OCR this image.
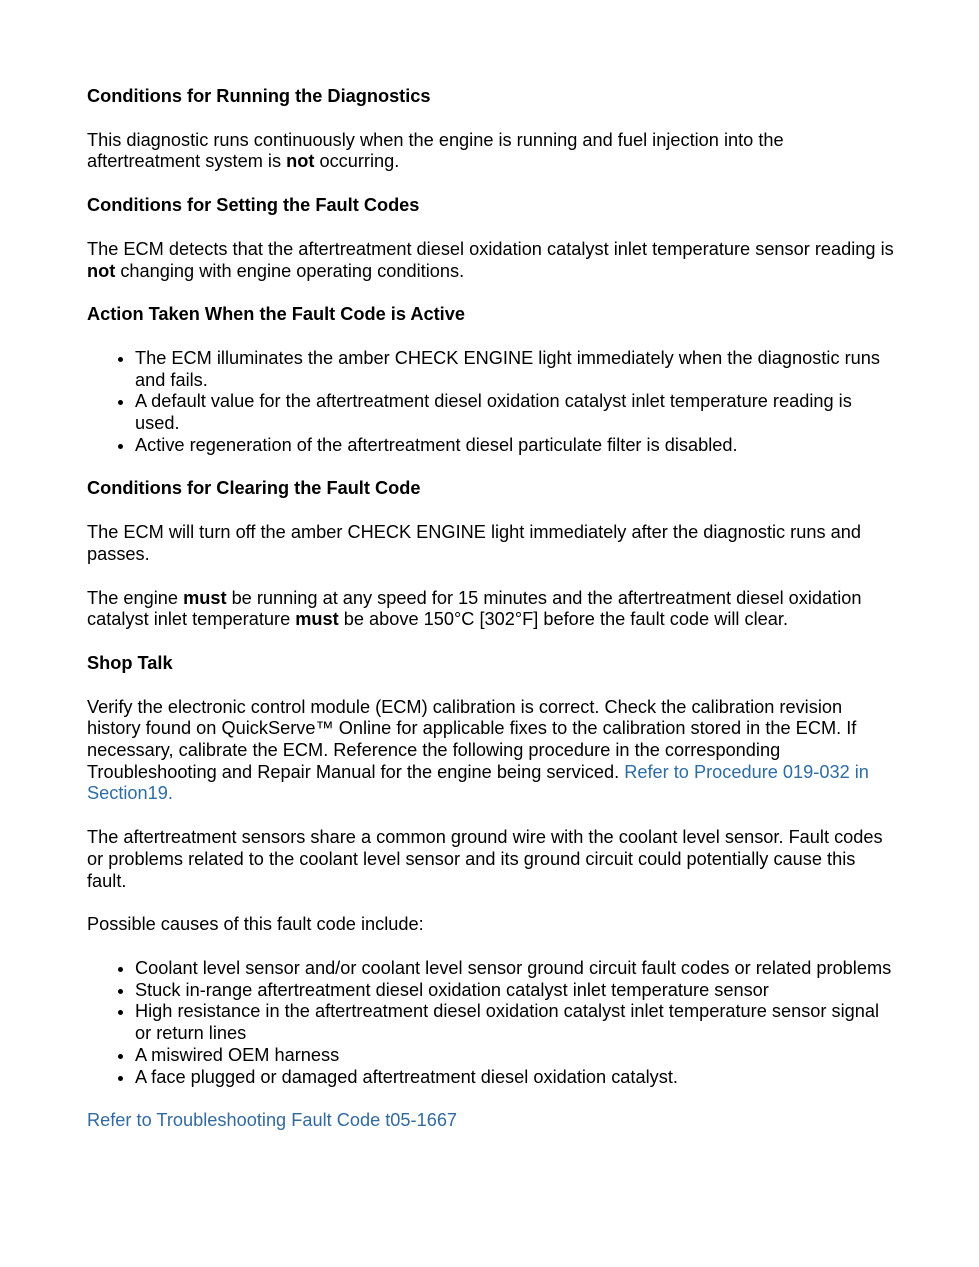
Conditions for Running the Diagnostics

This diagnostic runs continuously when the engine is running and fuel injection into the aftertreatment system is not occurring.

Conditions for Setting the Fault Codes

The ECM detects that the aftertreatment diesel oxidation catalyst inlet temperature sensor reading is not changing with engine operating conditions.

Action Taken When the Fault Code is Active
• The ECM illuminates the amber CHECK ENGINE light immediately when the diagnostic runs and fails.
• A default value for the aftertreatment diesel oxidation catalyst inlet temperature reading is used.
• Active regeneration of the aftertreatment diesel particulate filter is disabled.
Conditions for Clearing the Fault Code

The ECM will turn off the amber CHECK ENGINE light immediately after the diagnostic runs and passes.

The engine must be running at any speed for 15 minutes and the aftertreatment diesel oxidation catalyst inlet temperature must be above 150°C [302°F] before the fault code will clear.

Shop Talk

Verify the electronic control module (ECM) calibration is correct. Check the calibration revision history found on QuickServe™ Online for applicable fixes to the calibration stored in the ECM. If necessary, calibrate the ECM. Reference the following procedure in the corresponding Troubleshooting and Repair Manual for the engine being serviced. Refer to Procedure 019-032 in Section19.

The aftertreatment sensors share a common ground wire with the coolant level sensor. Fault codes or problems related to the coolant level sensor and its ground circuit could potentially cause this fault.

Possible causes of this fault code include:

• Coolant level sensor and/or coolant level sensor ground circuit fault codes or related problems
• Stuck in-range aftertreatment diesel oxidation catalyst inlet temperature sensor
• High resistance in the aftertreatment diesel oxidation catalyst inlet temperature sensor signal or return lines
• A miswired OEM harness
• A face plugged or damaged aftertreatment diesel oxidation catalyst.

Refer to Troubleshooting Fault Code t05-1667
